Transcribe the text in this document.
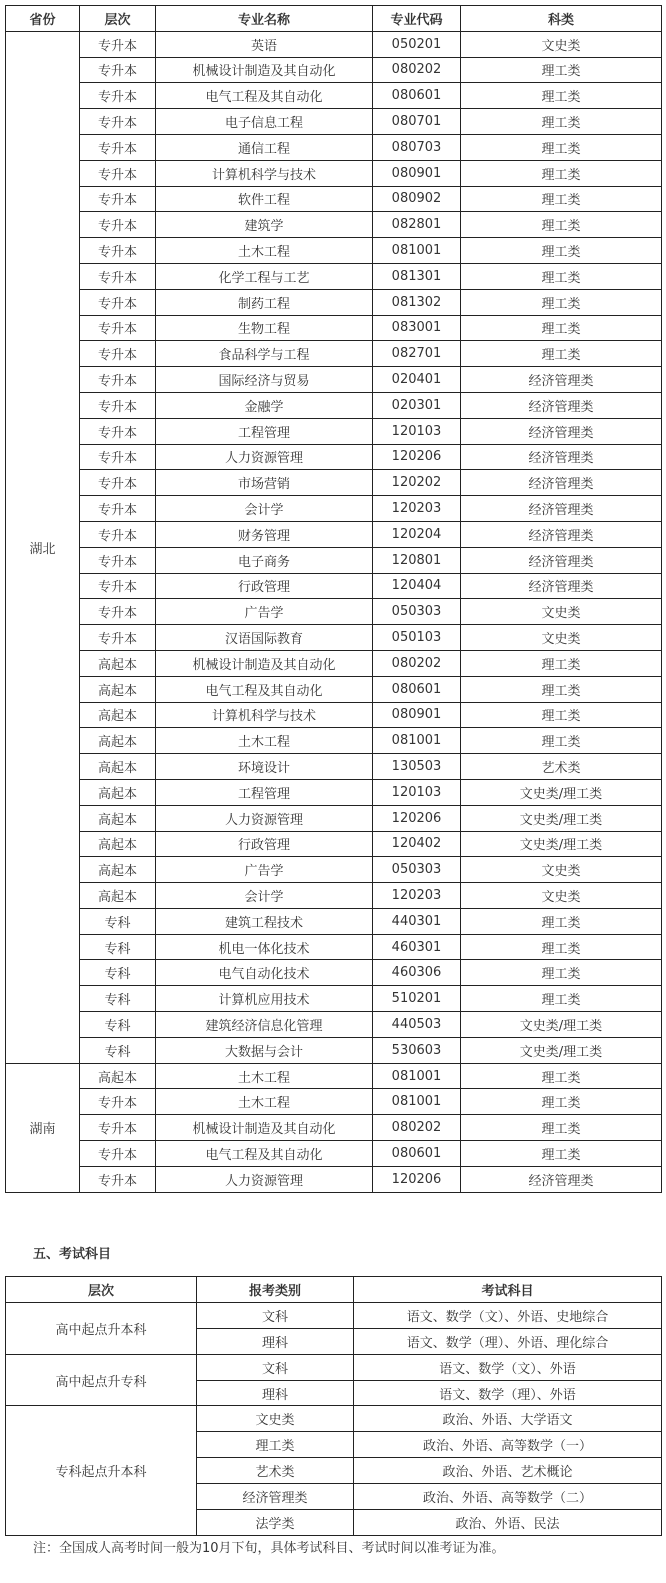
省份	层次	专业名称	专业代码	科类
湖北	专升本	英语	050201	文史类
	专升本	机械设计制造及其自动化	080202	理工类
	专升本	电气工程及其自动化	080601	理工类
	专升本	电子信息工程	080701	理工类
	专升本	通信工程	080703	理工类
	专升本	计算机科学与技术	080901	理工类
	专升本	软件工程	080902	理工类
	专升本	建筑学	082801	理工类
	专升本	土木工程	081001	理工类
	专升本	化学工程与工艺	081301	理工类
	专升本	制药工程	081302	理工类
	专升本	生物工程	083001	理工类
	专升本	食品科学与工程	082701	理工类
	专升本	国际经济与贸易	020401	经济管理类
	专升本	金融学	020301	经济管理类
	专升本	工程管理	120103	经济管理类
	专升本	人力资源管理	120206	经济管理类
	专升本	市场营销	120202	经济管理类
	专升本	会计学	120203	经济管理类
	专升本	财务管理	120204	经济管理类
	专升本	电子商务	120801	经济管理类
	专升本	行政管理	120404	经济管理类
	专升本	广告学	050303	文史类
	专升本	汉语国际教育	050103	文史类
	高起本	机械设计制造及其自动化	080202	理工类
	高起本	电气工程及其自动化	080601	理工类
	高起本	计算机科学与技术	080901	理工类
	高起本	土木工程	081001	理工类
	高起本	环境设计	130503	艺术类
	高起本	工程管理	120103	文史类/理工类
	高起本	人力资源管理	120206	文史类/理工类
	高起本	行政管理	120402	文史类/理工类
	高起本	广告学	050303	文史类
	高起本	会计学	120203	文史类
	专科	建筑工程技术	440301	理工类
	专科	机电一体化技术	460301	理工类
	专科	电气自动化技术	460306	理工类
	专科	计算机应用技术	510201	理工类
	专科	建筑经济信息化管理	440503	文史类/理工类
	专科	大数据与会计	530603	文史类/理工类
湖南	高起本	土木工程	081001	理工类
	专升本	土木工程	081001	理工类
	专升本	机械设计制造及其自动化	080202	理工类
	专升本	电气工程及其自动化	080601	理工类
	专升本	人力资源管理	120206	经济管理类
五、考试科目
层次	报考类别	考试科目
高中起点升本科	文科	语文、数学（文）、外语、史地综合
	理科	语文、数学（理）、外语、理化综合
高中起点升专科	文科	语文、数学（文）、外语
	理科	语文、数学（理）、外语
专科起点升本科	文史类	政治、外语、大学语文
	理工类	政治、外语、高等数学（一）
	艺术类	政治、外语、艺术概论
	经济管理类	政治、外语、高等数学（二）
	法学类	政治、外语、民法
注：全国成人高考时间一般为10月下旬，具体考试科目、考试时间以准考证为准。
